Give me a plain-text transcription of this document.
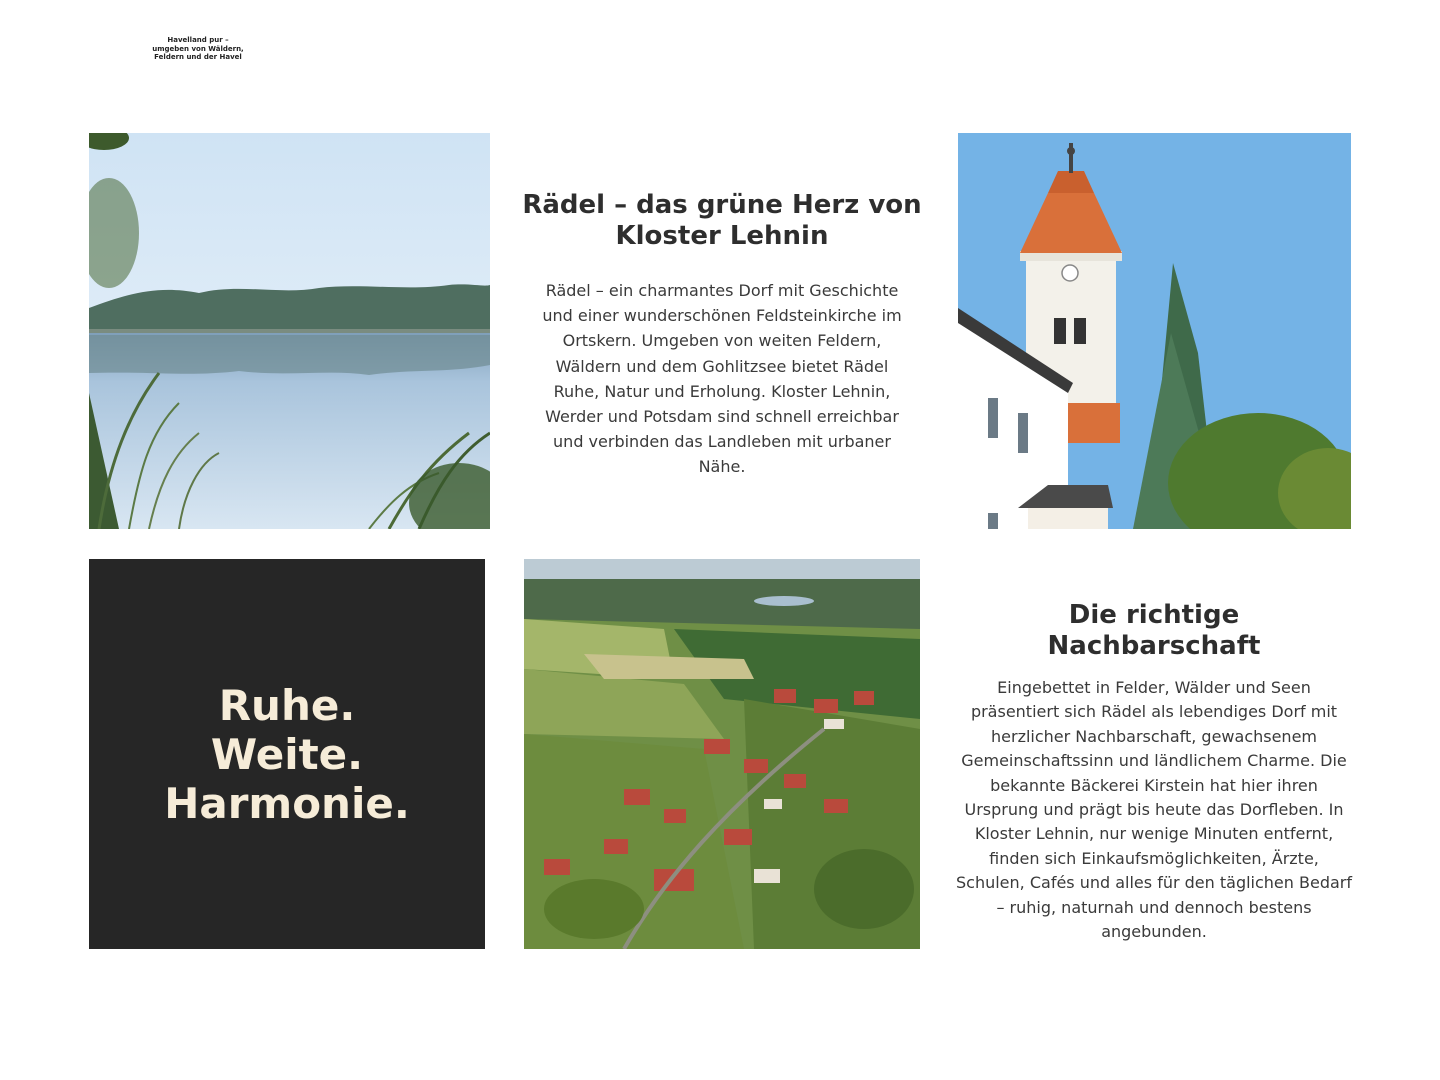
Havelland pur –
umgeben von Wäldern,
Feldern und der Havel
Rädel – das grüne Herz von
Kloster Lehnin

Rädel – ein charmantes Dorf mit Geschichte und einer wunderschönen Feldsteinkirche im Ortskern. Umgeben von weiten Feldern, Wäldern und dem Gohlitzsee bietet Rädel Ruhe, Natur und Erholung. Kloster Lehnin, Werder und Potsdam sind schnell erreichbar und verbinden das Landleben mit urbaner Nähe.

Ruhe.
Weite.
Harmonie.
Die richtige
Nachbarschaft

Eingebettet in Felder, Wälder und Seen präsentiert sich Rädel als lebendiges Dorf mit herzlicher Nachbarschaft, gewachsenem Gemeinschaftssinn und ländlichem Charme. Die bekannte Bäckerei Kirstein hat hier ihren Ursprung und prägt bis heute das Dorfleben. In Kloster Lehnin, nur wenige Minuten entfernt, finden sich Einkaufsmöglichkeiten, Ärzte, Schulen, Cafés und alles für den täglichen Bedarf – ruhig, naturnah und dennoch bestens angebunden.
